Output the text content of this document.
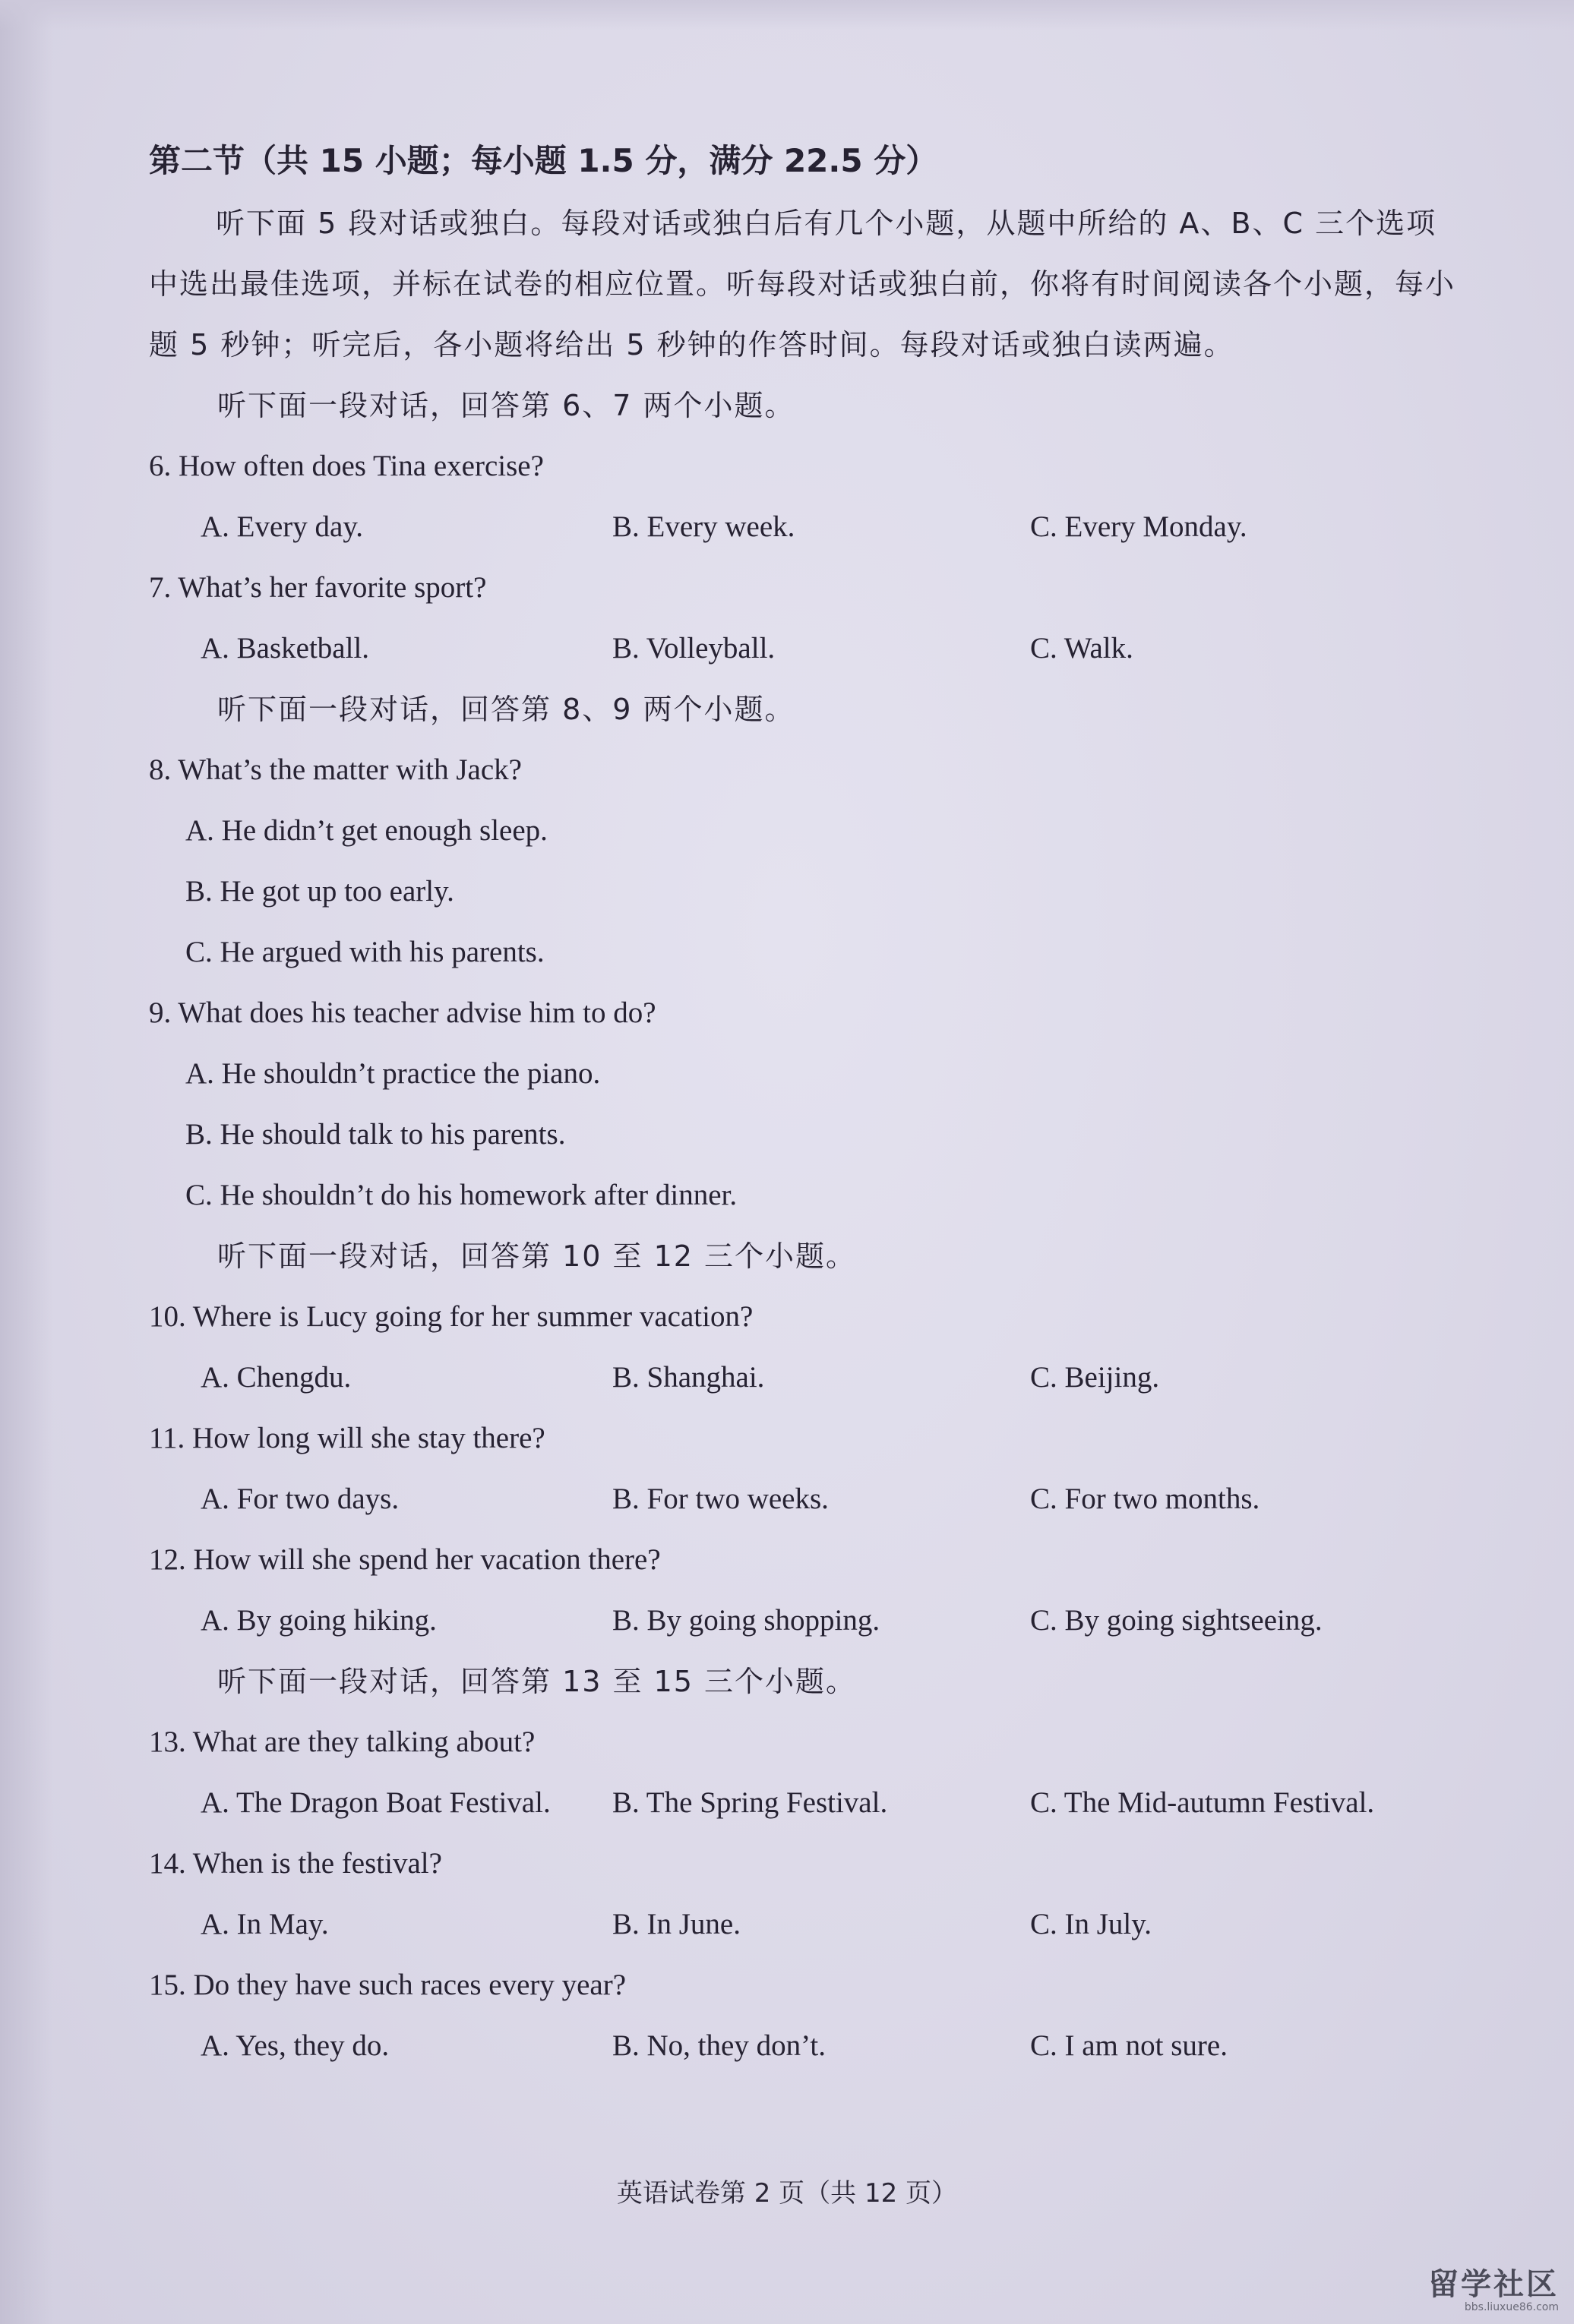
第二节（共 15 小题；每小题 1.5 分，满分 22.5 分）

听下面 5 段对话或独白。每段对话或独白后有几个小题，从题中所给的 A、B、C 三个选项中选出最佳选项，并标在试卷的相应位置。听每段对话或独白前，你将有时间阅读各个小题，每小题 5 秒钟；听完后，各小题将给出 5 秒钟的作答时间。每段对话或独白读两遍。

听下面一段对话，回答第 6、7 两个小题。

6. How often does Tina exercise?
A. Every day.	B. Every week.	C. Every Monday.
7. What’s her favorite sport?
A. Basketball.	B. Volleyball.	C. Walk.

听下面一段对话，回答第 8、9 两个小题。

8. What’s the matter with Jack?
A. He didn’t get enough sleep.
B. He got up too early.
C. He argued with his parents.
9. What does his teacher advise him to do?
A. He shouldn’t practice the piano.
B. He should talk to his parents.
C. He shouldn’t do his homework after dinner.

听下面一段对话，回答第 10 至 12 三个小题。

10. Where is Lucy going for her summer vacation?
A. Chengdu.	B. Shanghai.	C. Beijing.
11. How long will she stay there?
A. For two days.	B. For two weeks.	C. For two months.
12. How will she spend her vacation there?
A. By going hiking.	B. By going shopping.	C. By going sightseeing.

听下面一段对话，回答第 13 至 15 三个小题。

13. What are they talking about?
A. The Dragon Boat Festival.	B. The Spring Festival.	C. The Mid-autumn Festival.
14. When is the festival?
A. In May.	B. In June.	C. In July.
15. Do they have such races every year?
A. Yes, they do.	B. No, they don’t.	C. I am not sure.
英语试卷第 2 页（共 12 页）
留学社区
bbs.liuxue86.com
